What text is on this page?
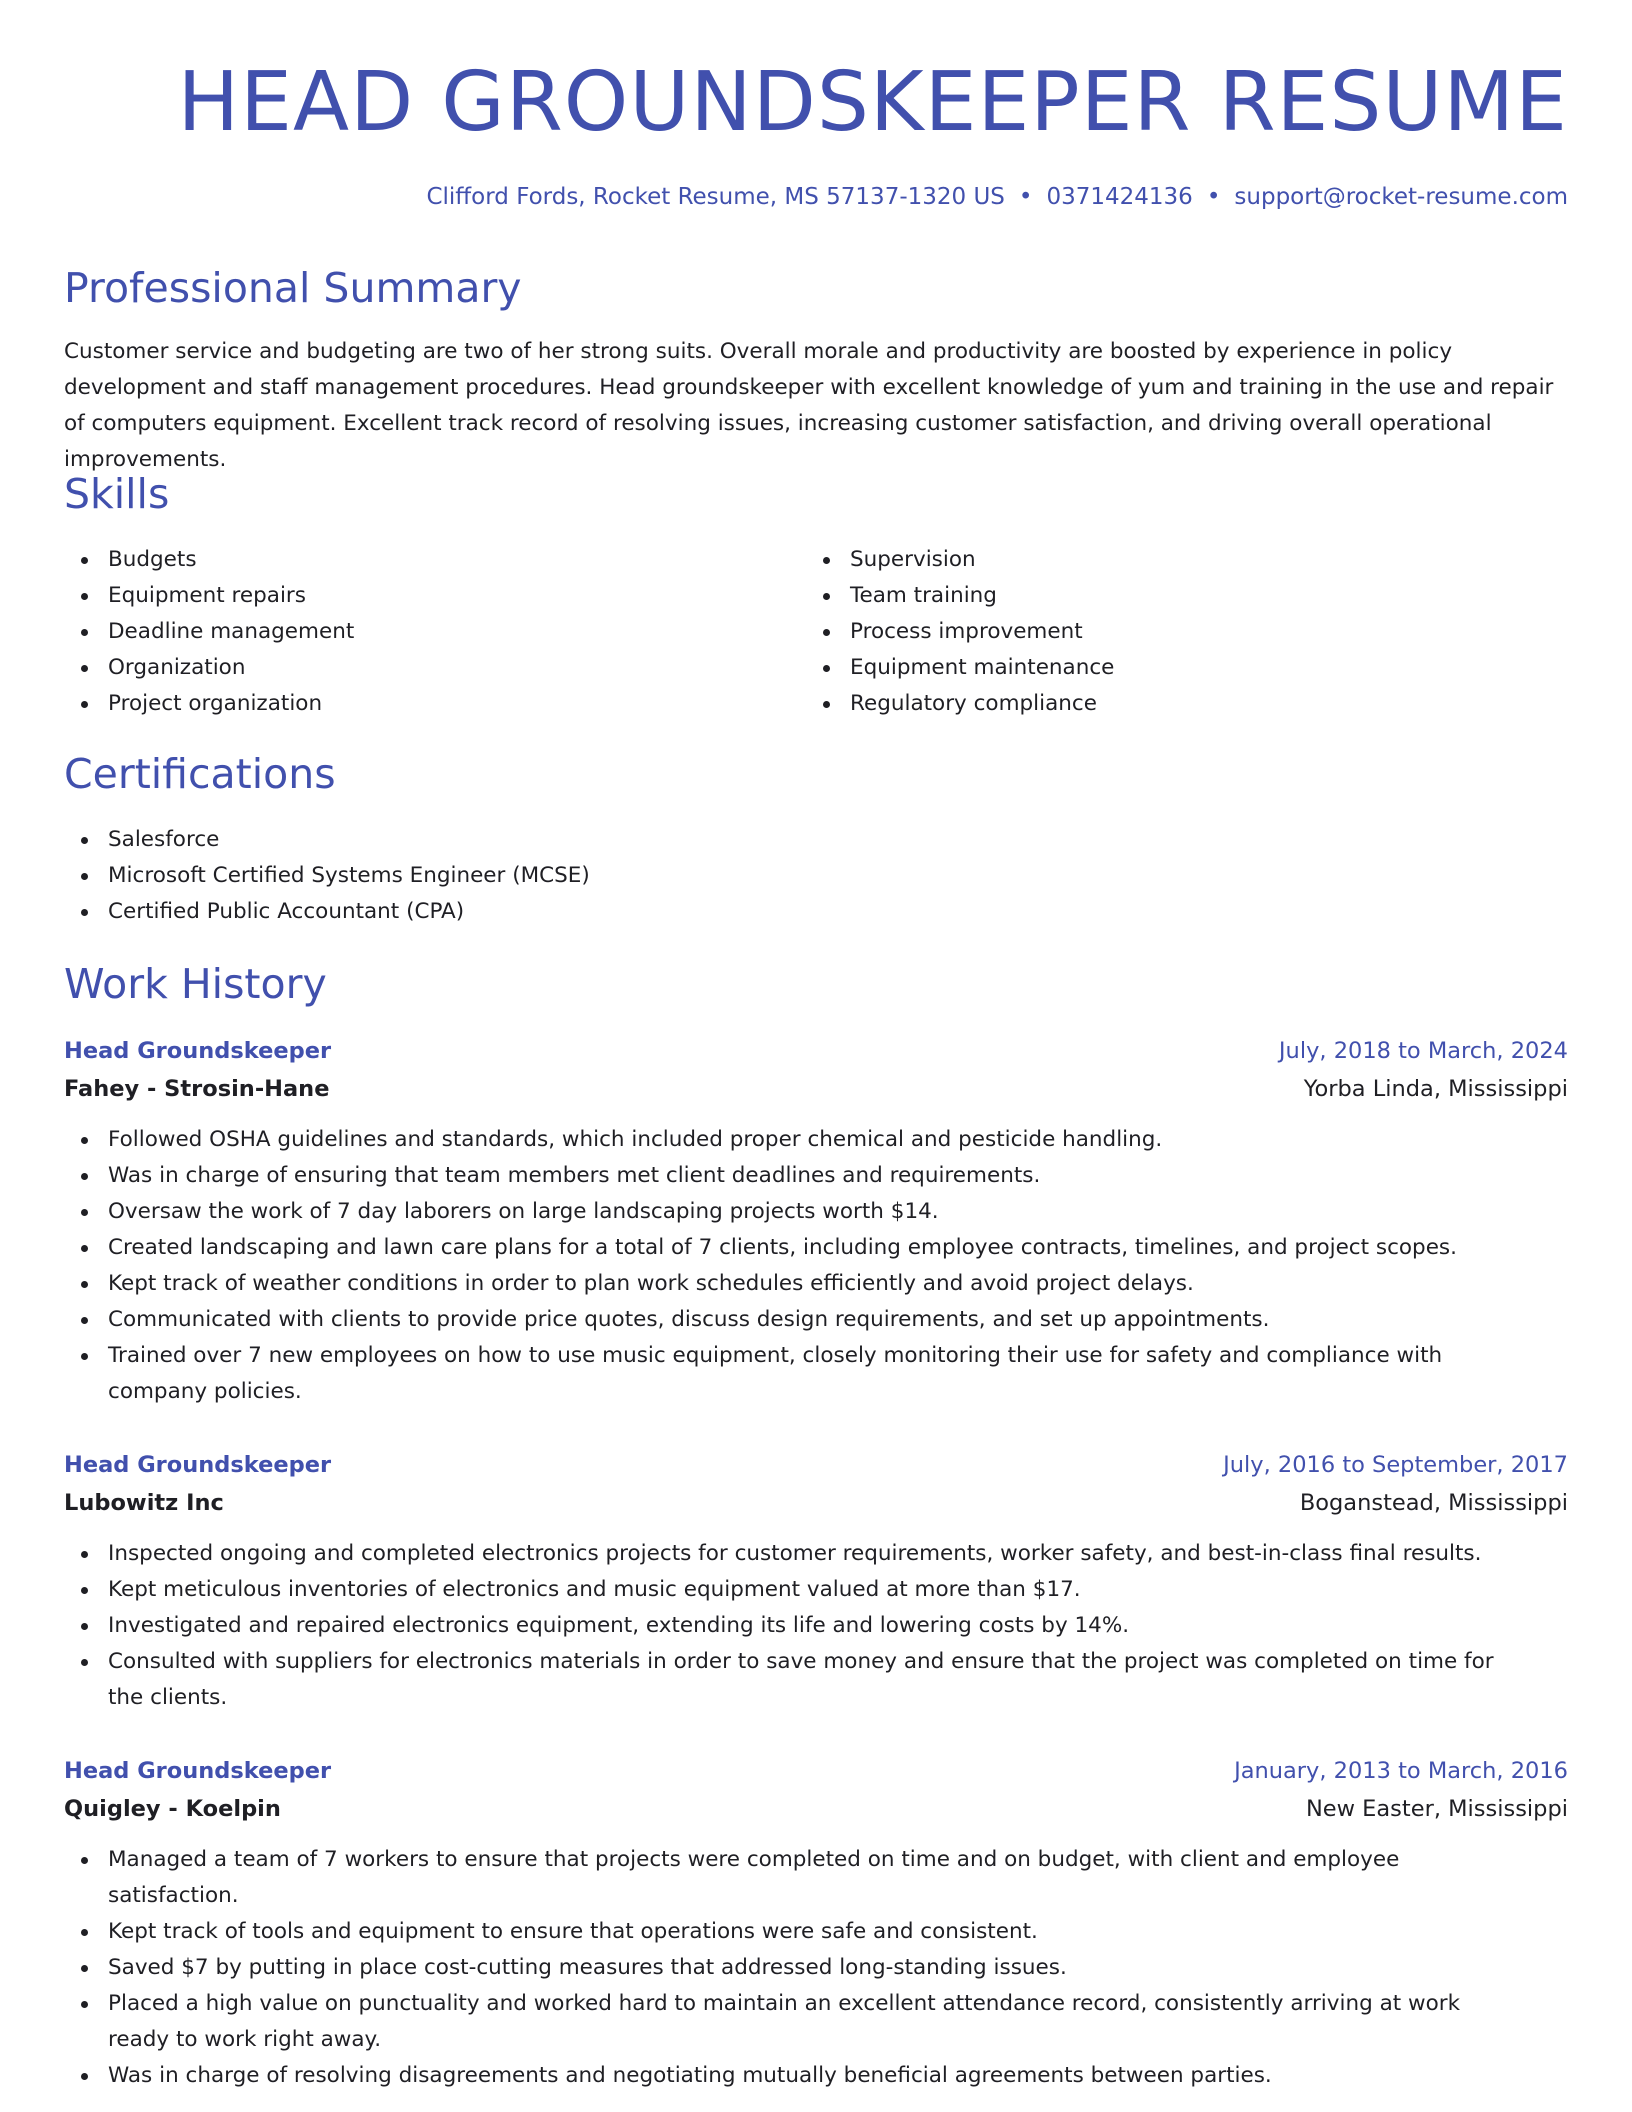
HEAD GROUNDSKEEPER RESUME
Clifford Fords, Rocket Resume, MS 57137-1320 US • 0371424136 • support@rocket-resume.com
Professional Summary

Customer service and budgeting are two of her strong suits. Overall morale and productivity are boosted by experience in policy development and staff management procedures. Head groundskeeper with excellent knowledge of yum and training in the use and repair of computers equipment. Excellent track record of resolving issues, increasing customer satisfaction, and driving overall operational improvements.

Skills
Budgets
Equipment repairs
Deadline management
Organization
Project organization
Supervision
Team training
Process improvement
Equipment maintenance
Regulatory compliance
Certifications
Salesforce
Microsoft Certified Systems Engineer (MCSE)
Certified Public Accountant (CPA)
Work History
Head Groundskeeper	July, 2018 to March, 2024
Fahey - Strosin-Hane	Yorba Linda, Mississippi
Followed OSHA guidelines and standards, which included proper chemical and pesticide handling.
Was in charge of ensuring that team members met client deadlines and requirements.
Oversaw the work of 7 day laborers on large landscaping projects worth $14.
Created landscaping and lawn care plans for a total of 7 clients, including employee contracts, timelines, and project scopes.
Kept track of weather conditions in order to plan work schedules efficiently and avoid project delays.
Communicated with clients to provide price quotes, discuss design requirements, and set up appointments.
Trained over 7 new employees on how to use music equipment, closely monitoring their use for safety and compliance with company policies.
Head Groundskeeper	July, 2016 to September, 2017
Lubowitz Inc	Boganstead, Mississippi
Inspected ongoing and completed electronics projects for customer requirements, worker safety, and best-in-class final results.
Kept meticulous inventories of electronics and music equipment valued at more than $17.
Investigated and repaired electronics equipment, extending its life and lowering costs by 14%.
Consulted with suppliers for electronics materials in order to save money and ensure that the project was completed on time for the clients.
Head Groundskeeper	January, 2013 to March, 2016
Quigley - Koelpin	New Easter, Mississippi
Managed a team of 7 workers to ensure that projects were completed on time and on budget, with client and employee satisfaction.
Kept track of tools and equipment to ensure that operations were safe and consistent.
Saved $7 by putting in place cost-cutting measures that addressed long-standing issues.
Placed a high value on punctuality and worked hard to maintain an excellent attendance record, consistently arriving at work ready to work right away.
Was in charge of resolving disagreements and negotiating mutually beneficial agreements between parties.
